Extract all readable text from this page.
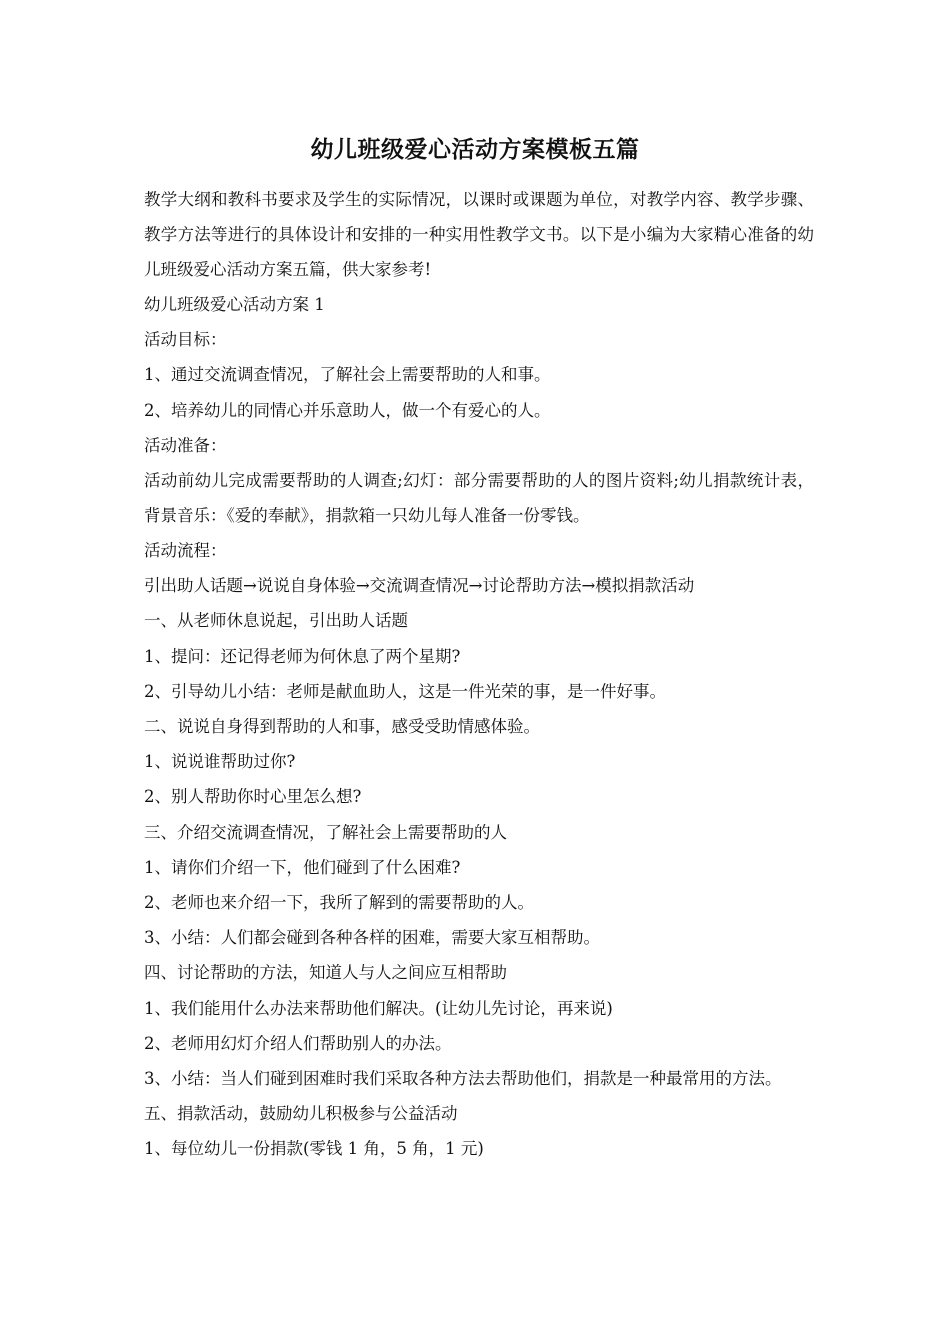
幼儿班级爱心活动方案模板五篇

教学大纲和教科书要求及学生的实际情况，以课时或课题为单位，对教学内容、教学步骤、教学方法等进行的具体设计和安排的一种实用性教学文书。以下是小编为大家精心准备的幼儿班级爱心活动方案五篇，供大家参考!

幼儿班级爱心活动方案 1

活动目标：

1、通过交流调查情况，了解社会上需要帮助的人和事。

2、培养幼儿的同情心并乐意助人，做一个有爱心的人。

活动准备：

活动前幼儿完成需要帮助的人调查;幻灯：部分需要帮助的人的图片资料;幼儿捐款统计表，背景音乐：《爱的奉献》，捐款箱一只幼儿每人准备一份零钱。

活动流程：

引出助人话题→说说自身体验→交流调查情况→讨论帮助方法→模拟捐款活动

一、从老师休息说起，引出助人话题

1、提问：还记得老师为何休息了两个星期?

2、引导幼儿小结：老师是献血助人，这是一件光荣的事，是一件好事。

二、说说自身得到帮助的人和事，感受受助情感体验。

1、说说谁帮助过你?

2、别人帮助你时心里怎么想?

三、介绍交流调查情况，了解社会上需要帮助的人

1、请你们介绍一下，他们碰到了什么困难?

2、老师也来介绍一下，我所了解到的需要帮助的人。

3、小结：人们都会碰到各种各样的困难，需要大家互相帮助。

四、讨论帮助的方法，知道人与人之间应互相帮助

1、我们能用什么办法来帮助他们解决。(让幼儿先讨论，再来说)

2、老师用幻灯介绍人们帮助别人的办法。

3、小结：当人们碰到困难时我们采取各种方法去帮助他们，捐款是一种最常用的方法。

五、捐款活动，鼓励幼儿积极参与公益活动

1、每位幼儿一份捐款(零钱 1 角，5 角，1 元)
